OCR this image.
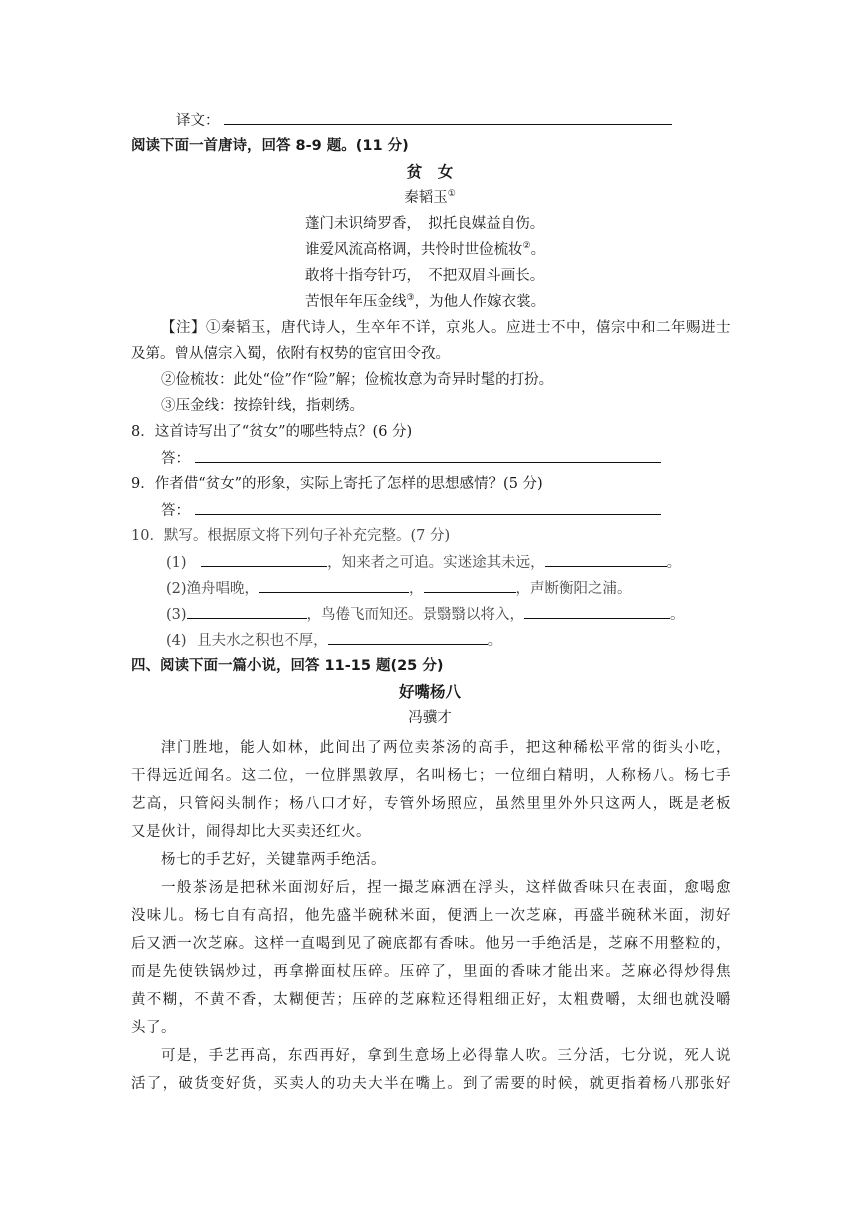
译文：
阅读下面一首唐诗，回答 8-9 题。(11 分)
贫　女
秦韬玉①
蓬门未识绮罗香，　拟托良媒益自伤。
谁爱风流高格调，共怜时世俭梳妆②。
敢将十指夸针巧，　不把双眉斗画长。
苦恨年年压金线③，为他人作嫁衣裳。
【注】①秦韬玉，唐代诗人，生卒年不详，京兆人。应进士不中，僖宗中和二年赐进士
及第。曾从僖宗入蜀，依附有权势的宦官田令孜。
②俭梳妆：此处“俭”作“险”解；俭梳妆意为奇异时髦的打扮。
③压金线：按捺针线，指刺绣。
8．这首诗写出了“贫女”的哪些特点？(6 分)
答：
9．作者借“贫女”的形象，实际上寄托了怎样的思想感情？(5 分)
答：
10．默写。根据原文将下列句子补充完整。(7 分)
(1)	，知来者之可追。实迷途其未远，	。
(2)渔舟唱晚，	，	，声断衡阳之浦。
(3)	，鸟倦飞而知还。景翳翳以将入，	。
(4) 且夫水之积也不厚，	。
四、阅读下面一篇小说，回答 11-15 题(25 分)
好嘴杨八
冯骥才
津门胜地，能人如林，此间出了两位卖茶汤的高手，把这种稀松平常的街头小吃，
干得远近闻名。这二位，一位胖黑敦厚，名叫杨七；一位细白精明，人称杨八。杨七手
艺高，只管闷头制作；杨八口才好，专管外场照应，虽然里里外外只这两人，既是老板
又是伙计，闹得却比大买卖还红火。
杨七的手艺好，关键靠两手绝活。
一般茶汤是把秫米面沏好后，捏一撮芝麻洒在浮头，这样做香味只在表面，愈喝愈
没味儿。杨七自有高招，他先盛半碗秫米面，便洒上一次芝麻，再盛半碗秫米面，沏好
后又洒一次芝麻。这样一直喝到见了碗底都有香味。他另一手绝活是，芝麻不用整粒的，
而是先使铁锅炒过，再拿擀面杖压碎。压碎了，里面的香味才能出来。芝麻必得炒得焦
黄不糊，不黄不香，太糊便苦；压碎的芝麻粒还得粗细正好，太粗费嚼，太细也就没嚼
头了。
可是，手艺再高，东西再好，拿到生意场上必得靠人吹。三分活，七分说，死人说
活了，破货变好货，买卖人的功夫大半在嘴上。到了需要的时候，就更指着杨八那张好
